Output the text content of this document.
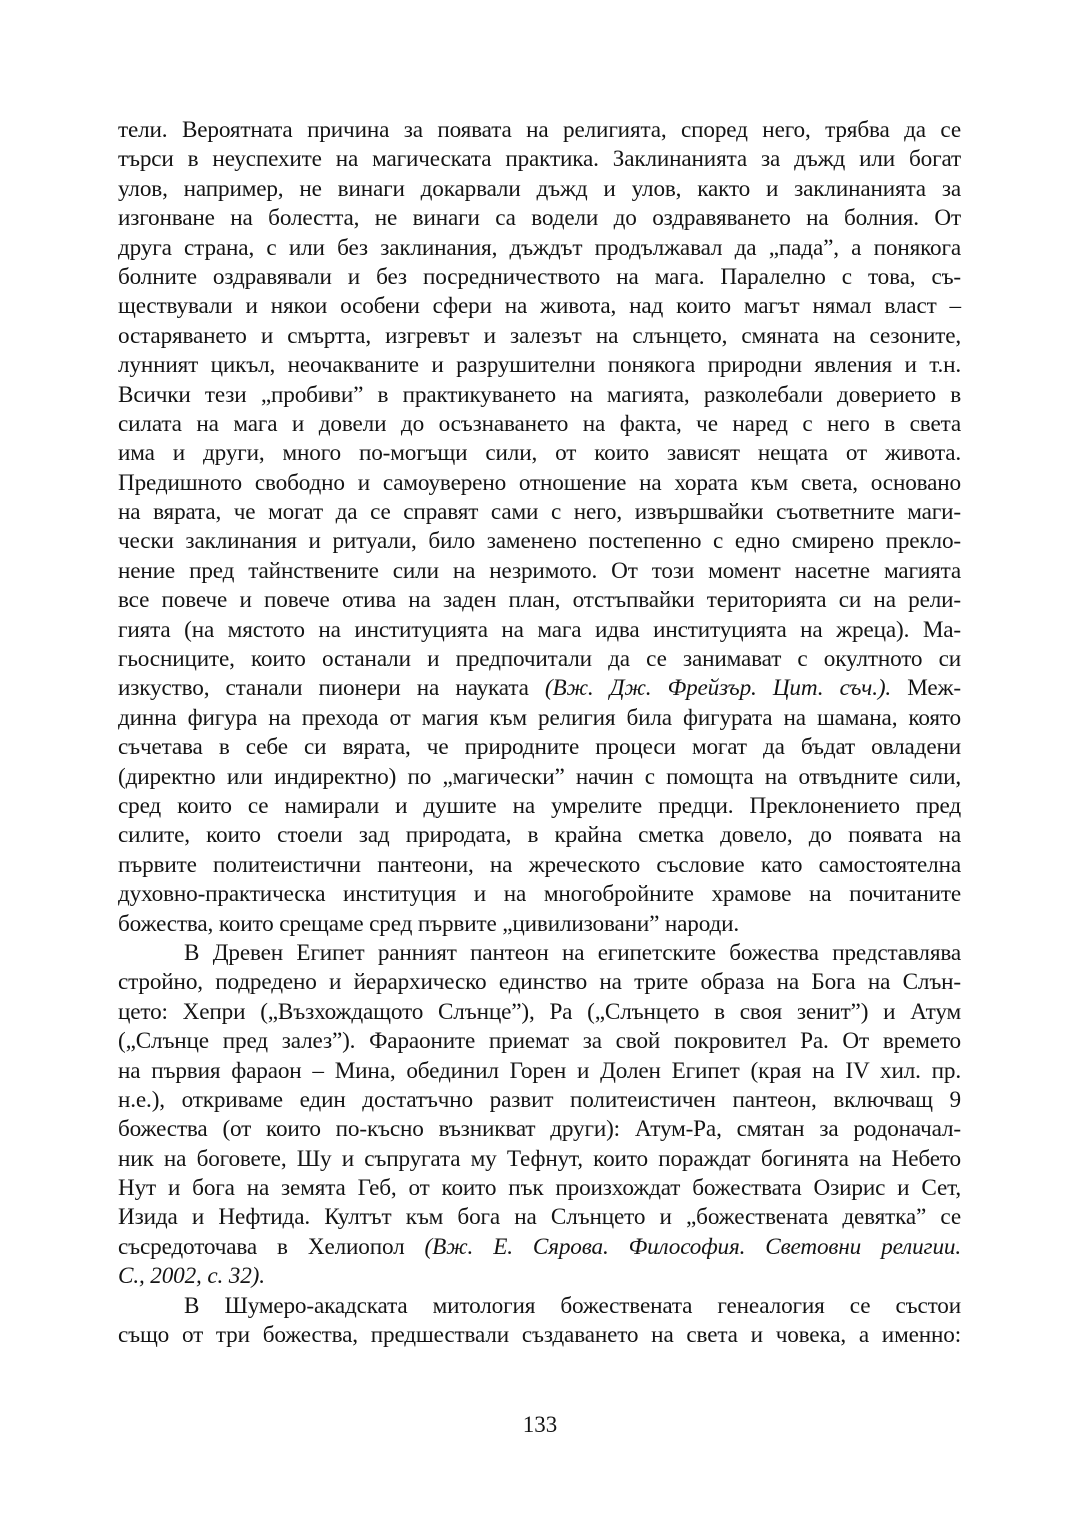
тели. Вероятната причина за появата на религията, според него, трябва да се
търси в неуспехите на магическата практика. Заклинанията за дъжд или богат
улов, например, не винаги докарвали дъжд и улов, както и заклинанията за
изгонване на болестта, не винаги са водели до оздравяването на болния. От
друга страна, с или без заклинания, дъждът продължавал да „пада”, а понякога
болните оздравявали и без посредничеството на мага. Паралелно с това, съ-
ществували и някои особени сфери на живота, над които магът нямал власт –
остаряването и смъртта, изгревът и залезът на слънцето, смяната на сезоните,
лунният цикъл, неочакваните и разрушителни понякога природни явления и т.н.
Всички тези „пробиви” в практикуването на магията, разколебали доверието в
силата на мага и довели до осъзнаването на факта, че наред с него в света
има и други, много по-могъщи сили, от които зависят нещата от живота.
Предишното свободно и самоуверено отношение на хората към света, основано
на вярата, че могат да се справят сами с него, извършвайки съответните маги-
чески заклинания и ритуали, било заменено постепенно с едно смирено прекло-
нение пред тайнствените сили на незримото. От този момент насетне магията
все повече и повече отива на заден план, отстъпвайки територията си на рели-
гията (на мястото на институцията на мага идва институцията на жреца). Ма-
гьосниците, които останали и предпочитали да се занимават с окултното си
изкуство, станали пионери на науката (Вж. Дж. Фрейзър. Цит. съч.). Меж-
динна фигура на прехода от магия към религия била фигурата на шамана, която
съчетава в себе си вярата, че природните процеси могат да бъдат овладени
(директно или индиректно) по „магически” начин с помощта на отвъдните сили,
сред които се намирали и душите на умрелите предци. Преклонението пред
силите, които стоели зад природата, в крайна сметка довело, до появата на
първите политеистични пантеони, на жреческото съсловие като самостоятелна
духовно-практическа институция и на многобройните храмове на почитаните
божества, които срещаме сред първите „цивилизовани” народи.
В Древен Египет ранният пантеон на египетските божества представлява
стройно, подредено и йерархическо единство на трите образа на Бога на Слън-
цето: Хепри („Възхождащото Слънце”), Ра („Слънцето в своя зенит”) и Атум
(„Слънце пред залез”). Фараоните приемат за свой покровител Ра. От времето
на първия фараон – Мина, обединил Горен и Долен Египет (края на IV хил. пр.
н.е.), откриваме един достатъчно развит политеистичен пантеон, включващ 9
божества (от които по-късно възникват други): Атум-Ра, смятан за родоначал-
ник на боговете, Шу и съпругата му Тефнут, които пораждат богинята на Небето
Нут и бога на земята Геб, от които пък произхождат божествата Озирис и Сет,
Изида и Нефтида. Култът към бога на Слънцето и „божествената девятка” се
съсредоточава в Хелиопол (Вж. Е. Сярова. Философия. Световни религии.
С., 2002, с. 32).
В Шумеро-акадската митология божествената генеалогия се състои
също от три божества, предшествали създаването на света и човека, а именно:
133
